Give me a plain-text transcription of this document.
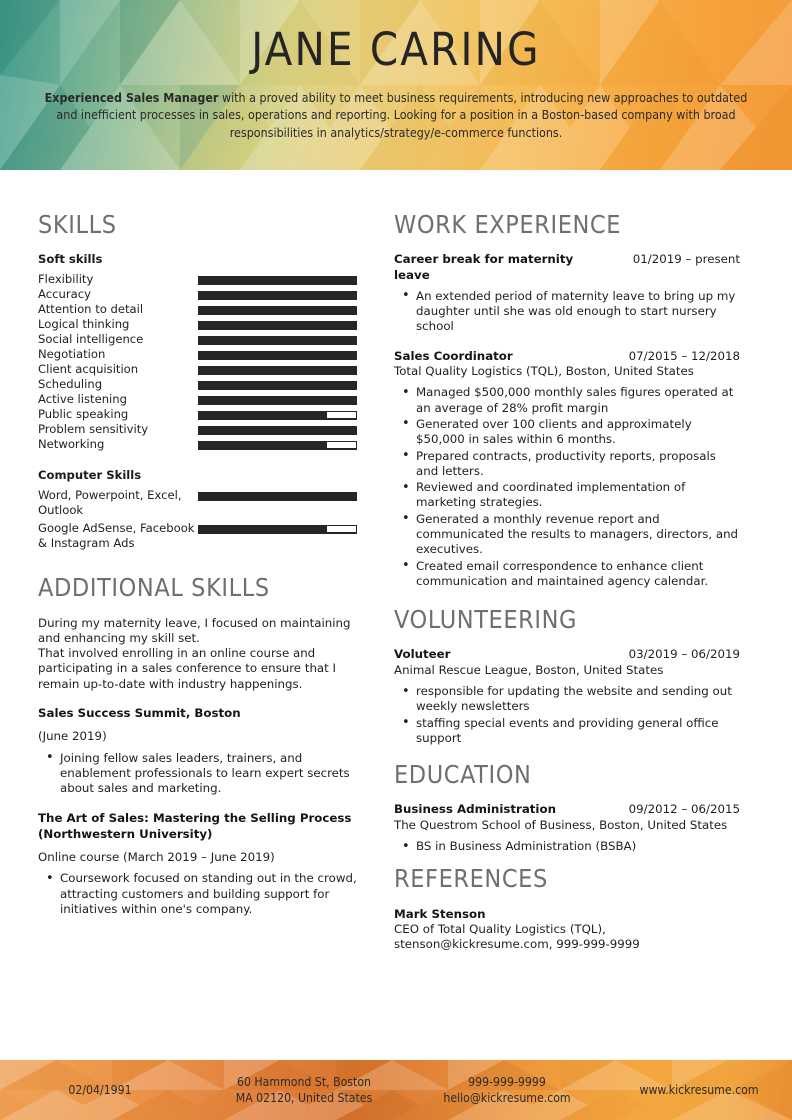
JANE CARING
Experienced Sales Manager with a proved ability to meet business requirements, introducing new approaches to outdated and inefficient processes in sales, operations and reporting. Looking for a position in a Boston-based company with broad responsibilities in analytics/strategy/e-commerce functions.
SKILLS
Soft skills
Flexibility
Accuracy
Attention to detail
Logical thinking
Social intelligence
Negotiation
Client acquisition
Scheduling
Active listening
Public speaking
Problem sensitivity
Networking
Computer Skills
Word, Powerpoint, Excel, Outlook
Google AdSense, Facebook & Instagram Ads
ADDITIONAL SKILLS
During my maternity leave, I focused on maintaining and enhancing my skill set.
That involved enrolling in an online course and participating in a sales conference to ensure that I remain up-to-date with industry happenings.
Sales Success Summit, Boston
(June 2019)
• Joining fellow sales leaders, trainers, and enablement professionals to learn expert secrets about sales and marketing.
The Art of Sales: Mastering the Selling Process (Northwestern University)
Online course (March 2019 – June 2019)
• Coursework focused on standing out in the crowd, attracting customers and building support for initiatives within one's company.
WORK EXPERIENCE
Career break for maternity leave
01/2019 – present
• An extended period of maternity leave to bring up my daughter until she was old enough to start nursery school
Sales Coordinator	07/2015 – 12/2018
Total Quality Logistics (TQL), Boston, United States
• Managed $500,000 monthly sales figures operated at an average of 28% profit margin
• Generated over 100 clients and approximately $50,000 in sales within 6 months.
• Prepared contracts, productivity reports, proposals and letters.
• Reviewed and coordinated implementation of marketing strategies.
• Generated a monthly revenue report and communicated the results to managers, directors, and executives.
• Created email correspondence to enhance client communication and maintained agency calendar.
VOLUNTEERING
Voluteer	03/2019 – 06/2019
Animal Rescue League, Boston, United States
• responsible for updating the website and sending out weekly newsletters
• staffing special events and providing general office support
EDUCATION
Business Administration	09/2012 – 06/2015
The Questrom School of Business, Boston, United States
• BS in Business Administration (BSBA)
REFERENCES
Mark Stenson
CEO of Total Quality Logistics (TQL), stenson@kickresume.com, 999-999-9999
02/04/1991
60 Hammond St, Boston
MA 02120, United States
999-999-9999
hello@kickresume.com
www.kickresume.com
